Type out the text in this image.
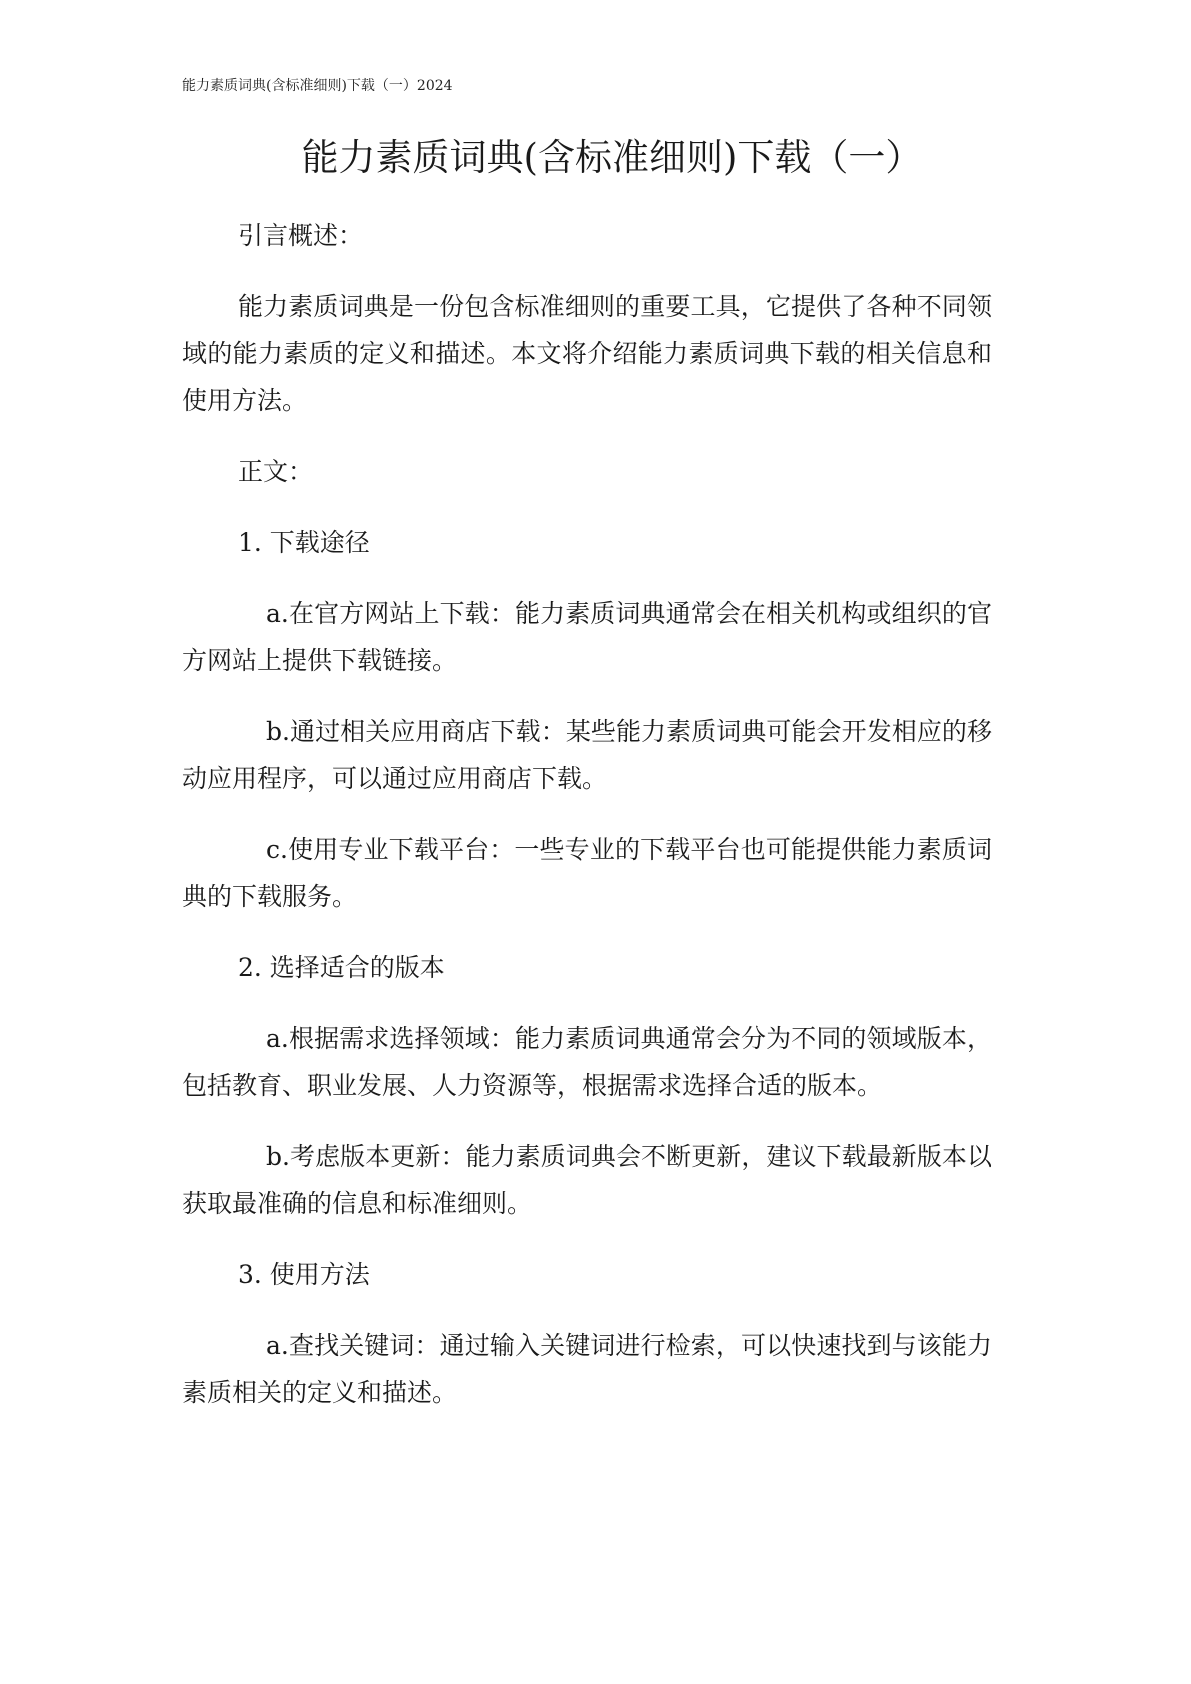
能力素质词典(含标准细则)下载（一）2024
能力素质词典(含标准细则)下载（一）

引言概述：

能力素质词典是一份包含标准细则的重要工具，它提供了各种不同领域的能力素质的定义和描述。本文将介绍能力素质词典下载的相关信息和使用方法。

正文：

1. 下载途径

a.在官方网站上下载：能力素质词典通常会在相关机构或组织的官方网站上提供下载链接。

b.通过相关应用商店下载：某些能力素质词典可能会开发相应的移动应用程序，可以通过应用商店下载。

c.使用专业下载平台：一些专业的下载平台也可能提供能力素质词典的下载服务。

2. 选择适合的版本

a.根据需求选择领域：能力素质词典通常会分为不同的领域版本，包括教育、职业发展、人力资源等，根据需求选择合适的版本。

b.考虑版本更新：能力素质词典会不断更新，建议下载最新版本以获取最准确的信息和标准细则。

3. 使用方法

a.查找关键词：通过输入关键词进行检索，可以快速找到与该能力素质相关的定义和描述。
